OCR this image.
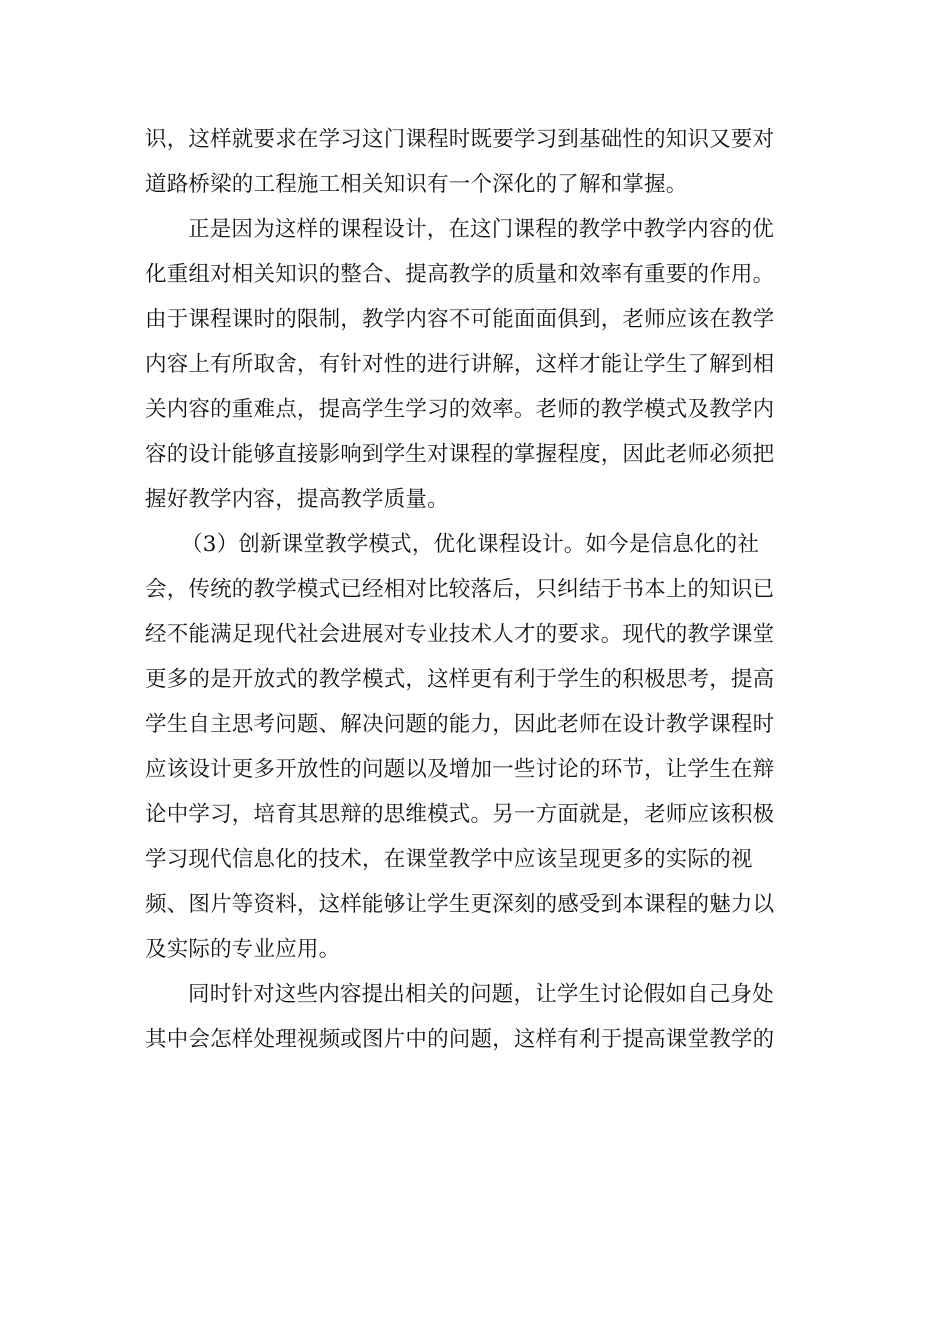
识，这样就要求在学习这门课程时既要学习到基础性的知识又要对
道路桥梁的工程施工相关知识有一个深化的了解和掌握。
正是因为这样的课程设计，在这门课程的教学中教学内容的优
化重组对相关知识的整合、提高教学的质量和效率有重要的作用。
由于课程课时的限制，教学内容不可能面面俱到，老师应该在教学
内容上有所取舍，有针对性的进行讲解，这样才能让学生了解到相
关内容的重难点，提高学生学习的效率。老师的教学模式及教学内
容的设计能够直接影响到学生对课程的掌握程度，因此老师必须把
握好教学内容，提高教学质量。
（3）创新课堂教学模式，优化课程设计。如今是信息化的社
会，传统的教学模式已经相对比较落后，只纠结于书本上的知识已
经不能满足现代社会进展对专业技术人才的要求。现代的教学课堂
更多的是开放式的教学模式，这样更有利于学生的积极思考，提高
学生自主思考问题、解决问题的能力，因此老师在设计教学课程时
应该设计更多开放性的问题以及增加一些讨论的环节，让学生在辩
论中学习，培育其思辩的思维模式。另一方面就是，老师应该积极
学习现代信息化的技术，在课堂教学中应该呈现更多的实际的视
频、图片等资料，这样能够让学生更深刻的感受到本课程的魅力以
及实际的专业应用。
同时针对这些内容提出相关的问题，让学生讨论假如自己身处
其中会怎样处理视频或图片中的问题，这样有利于提高课堂教学的
